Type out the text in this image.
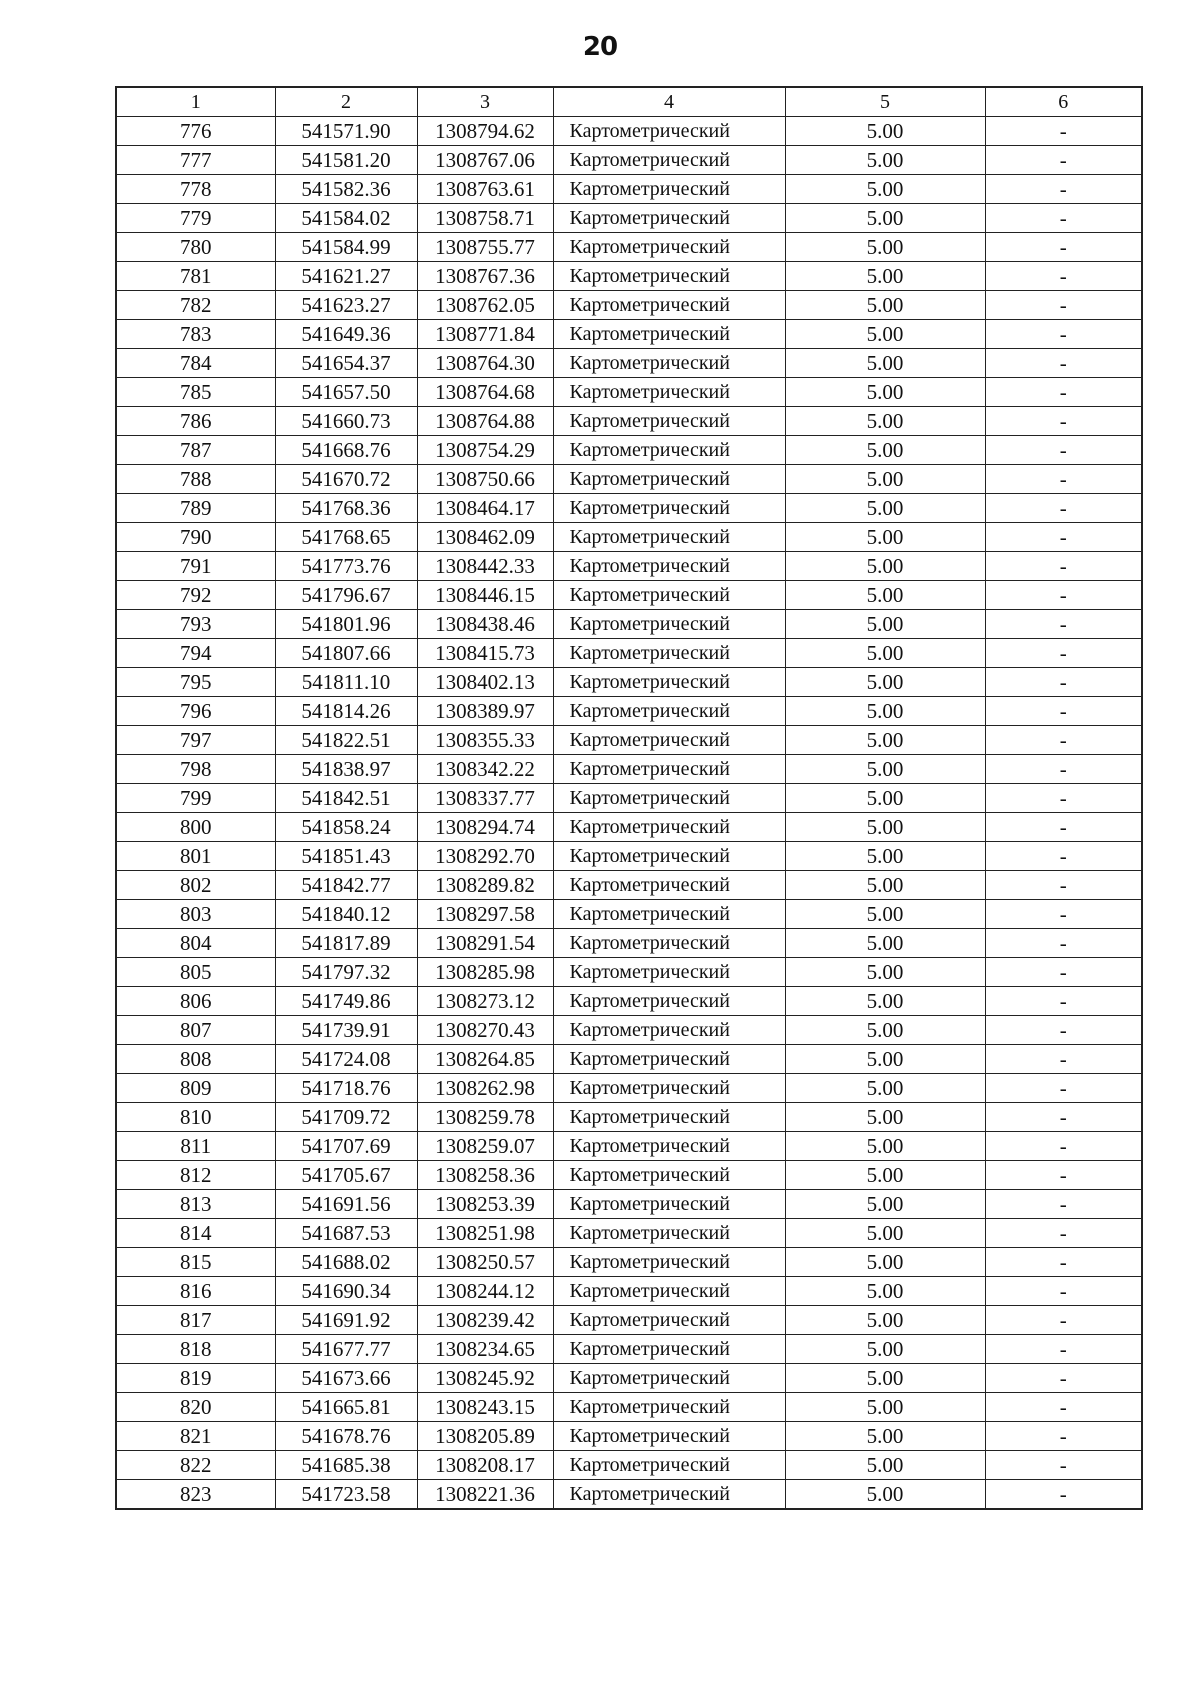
20
1	2	3	4	5	6
776	541571.90	1308794.62	Картометрический	5.00	-
777	541581.20	1308767.06	Картометрический	5.00	-
778	541582.36	1308763.61	Картометрический	5.00	-
779	541584.02	1308758.71	Картометрический	5.00	-
780	541584.99	1308755.77	Картометрический	5.00	-
781	541621.27	1308767.36	Картометрический	5.00	-
782	541623.27	1308762.05	Картометрический	5.00	-
783	541649.36	1308771.84	Картометрический	5.00	-
784	541654.37	1308764.30	Картометрический	5.00	-
785	541657.50	1308764.68	Картометрический	5.00	-
786	541660.73	1308764.88	Картометрический	5.00	-
787	541668.76	1308754.29	Картометрический	5.00	-
788	541670.72	1308750.66	Картометрический	5.00	-
789	541768.36	1308464.17	Картометрический	5.00	-
790	541768.65	1308462.09	Картометрический	5.00	-
791	541773.76	1308442.33	Картометрический	5.00	-
792	541796.67	1308446.15	Картометрический	5.00	-
793	541801.96	1308438.46	Картометрический	5.00	-
794	541807.66	1308415.73	Картометрический	5.00	-
795	541811.10	1308402.13	Картометрический	5.00	-
796	541814.26	1308389.97	Картометрический	5.00	-
797	541822.51	1308355.33	Картометрический	5.00	-
798	541838.97	1308342.22	Картометрический	5.00	-
799	541842.51	1308337.77	Картометрический	5.00	-
800	541858.24	1308294.74	Картометрический	5.00	-
801	541851.43	1308292.70	Картометрический	5.00	-
802	541842.77	1308289.82	Картометрический	5.00	-
803	541840.12	1308297.58	Картометрический	5.00	-
804	541817.89	1308291.54	Картометрический	5.00	-
805	541797.32	1308285.98	Картометрический	5.00	-
806	541749.86	1308273.12	Картометрический	5.00	-
807	541739.91	1308270.43	Картометрический	5.00	-
808	541724.08	1308264.85	Картометрический	5.00	-
809	541718.76	1308262.98	Картометрический	5.00	-
810	541709.72	1308259.78	Картометрический	5.00	-
811	541707.69	1308259.07	Картометрический	5.00	-
812	541705.67	1308258.36	Картометрический	5.00	-
813	541691.56	1308253.39	Картометрический	5.00	-
814	541687.53	1308251.98	Картометрический	5.00	-
815	541688.02	1308250.57	Картометрический	5.00	-
816	541690.34	1308244.12	Картометрический	5.00	-
817	541691.92	1308239.42	Картометрический	5.00	-
818	541677.77	1308234.65	Картометрический	5.00	-
819	541673.66	1308245.92	Картометрический	5.00	-
820	541665.81	1308243.15	Картометрический	5.00	-
821	541678.76	1308205.89	Картометрический	5.00	-
822	541685.38	1308208.17	Картометрический	5.00	-
823	541723.58	1308221.36	Картометрический	5.00	-
